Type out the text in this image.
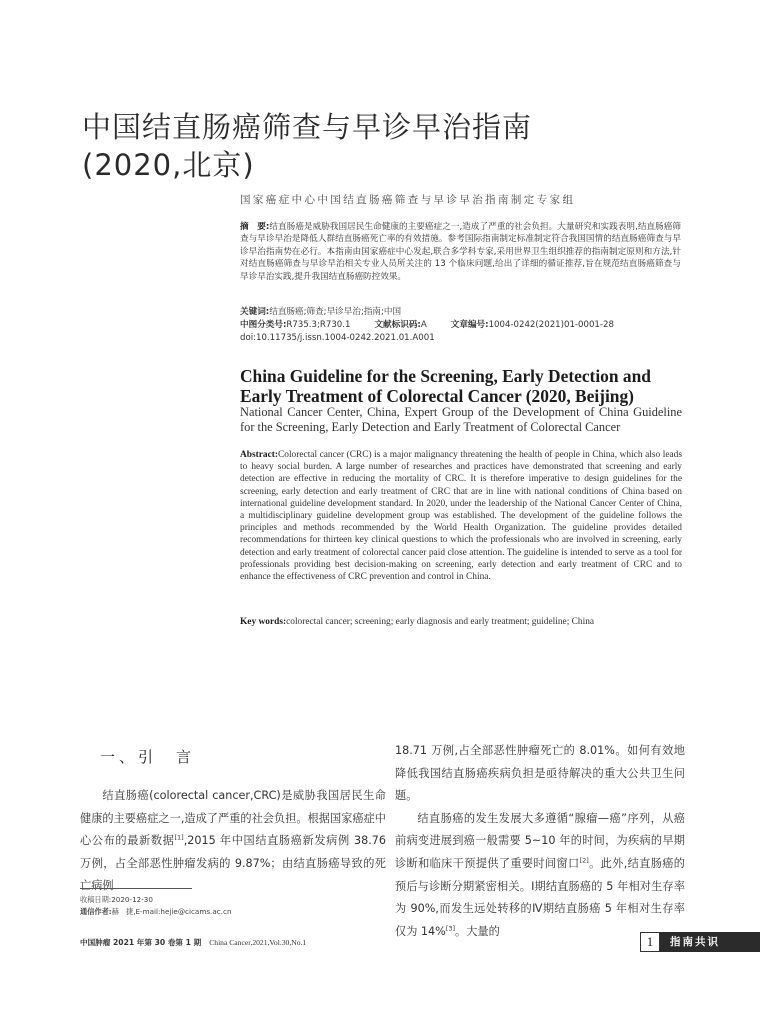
中国结直肠癌筛查与早诊早治指南
(2020,北京)
国家癌症中心中国结直肠癌筛查与早诊早治指南制定专家组
摘　要:结直肠癌是威胁我国居民生命健康的主要癌症之一,造成了严重的社会负担。大量研究和实践表明,结直肠癌筛查与早诊早治是降低人群结直肠癌死亡率的有效措施。参考国际指南制定标准制定符合我国国情的结直肠癌筛查与早诊早治指南势在必行。本指南由国家癌症中心发起,联合多学科专家,采用世界卫生组织推荐的指南制定原则和方法,针对结直肠癌筛查与早诊早治相关专业人员所关注的 13 个临床问题,给出了详细的循证推荐,旨在规范结直肠癌筛查与早诊早治实践,提升我国结直肠癌防控效果。
关键词:结直肠癌;筛查;早诊早治;指南;中国
中图分类号:R735.3;R730.1	文献标识码:A	文章编号:1004-0242(2021)01-0001-28
doi:10.11735/j.issn.1004-0242.2021.01.A001
China Guideline for the Screening, Early Detection and Early Treatment of Colorectal Cancer (2020, Beijing)
National Cancer Center, China, Expert Group of the Development of China Guideline for the Screening, Early Detection and Early Treatment of Colorectal Cancer
Abstract:Colorectal cancer (CRC) is a major malignancy threatening the health of people in China, which also leads to heavy social burden. A large number of researches and practices have demonstrated that screening and early detection are effective in reducing the mortality of CRC. It is therefore imperative to design guidelines for the screening, early detection and early treatment of CRC that are in line with national conditions of China based on international guideline development standard. In 2020, under the leadership of the National Cancer Center of China, a multidisciplinary guideline development group was established. The development of the guideline follows the principles and methods recommended by the World Health Organization. The guideline provides detailed recommendations for thirteen key clinical questions to which the professionals who are involved in screening, early detection and early treatment of colorectal cancer paid close attention. The guideline is intended to serve as a tool for professionals providing best decision-making on screening, early detection and early treatment of CRC and to enhance the effectiveness of CRC prevention and control in China.
Key words:colorectal cancer; screening; early diagnosis and early treatment; guideline; China
一、引　言

结直肠癌(colorectal cancer,CRC)是威胁我国居民生命健康的主要癌症之一,造成了严重的社会负担。根据国家癌症中心公布的最新数据[1],2015 年中国结直肠癌新发病例 38.76 万例，占全部恶性肿瘤发病的 9.87%；由结直肠癌导致的死亡病例

18.71 万例,占全部恶性肿瘤死亡的 8.01%。如何有效地降低我国结直肠癌疾病负担是亟待解决的重大公共卫生问题。

结直肠癌的发生发展大多遵循“腺瘤—癌”序列，从癌前病变进展到癌一般需要 5~10 年的时间，为疾病的早期诊断和临床干预提供了重要时间窗口[2]。此外,结直肠癌的预后与诊断分期紧密相关。Ⅰ期结直肠癌的 5 年相对生存率为 90%,而发生远处转移的Ⅳ期结直肠癌 5 年相对生存率仅为 14%[3]。大量的

收稿日期:2020-12-30
通信作者:赫　捷,E-mail:hejie@cicams.ac.cn
中国肿瘤 2021 年第 30 卷第 1 期 China Cancer,2021,Vol.30,No.1	1	指南共识
